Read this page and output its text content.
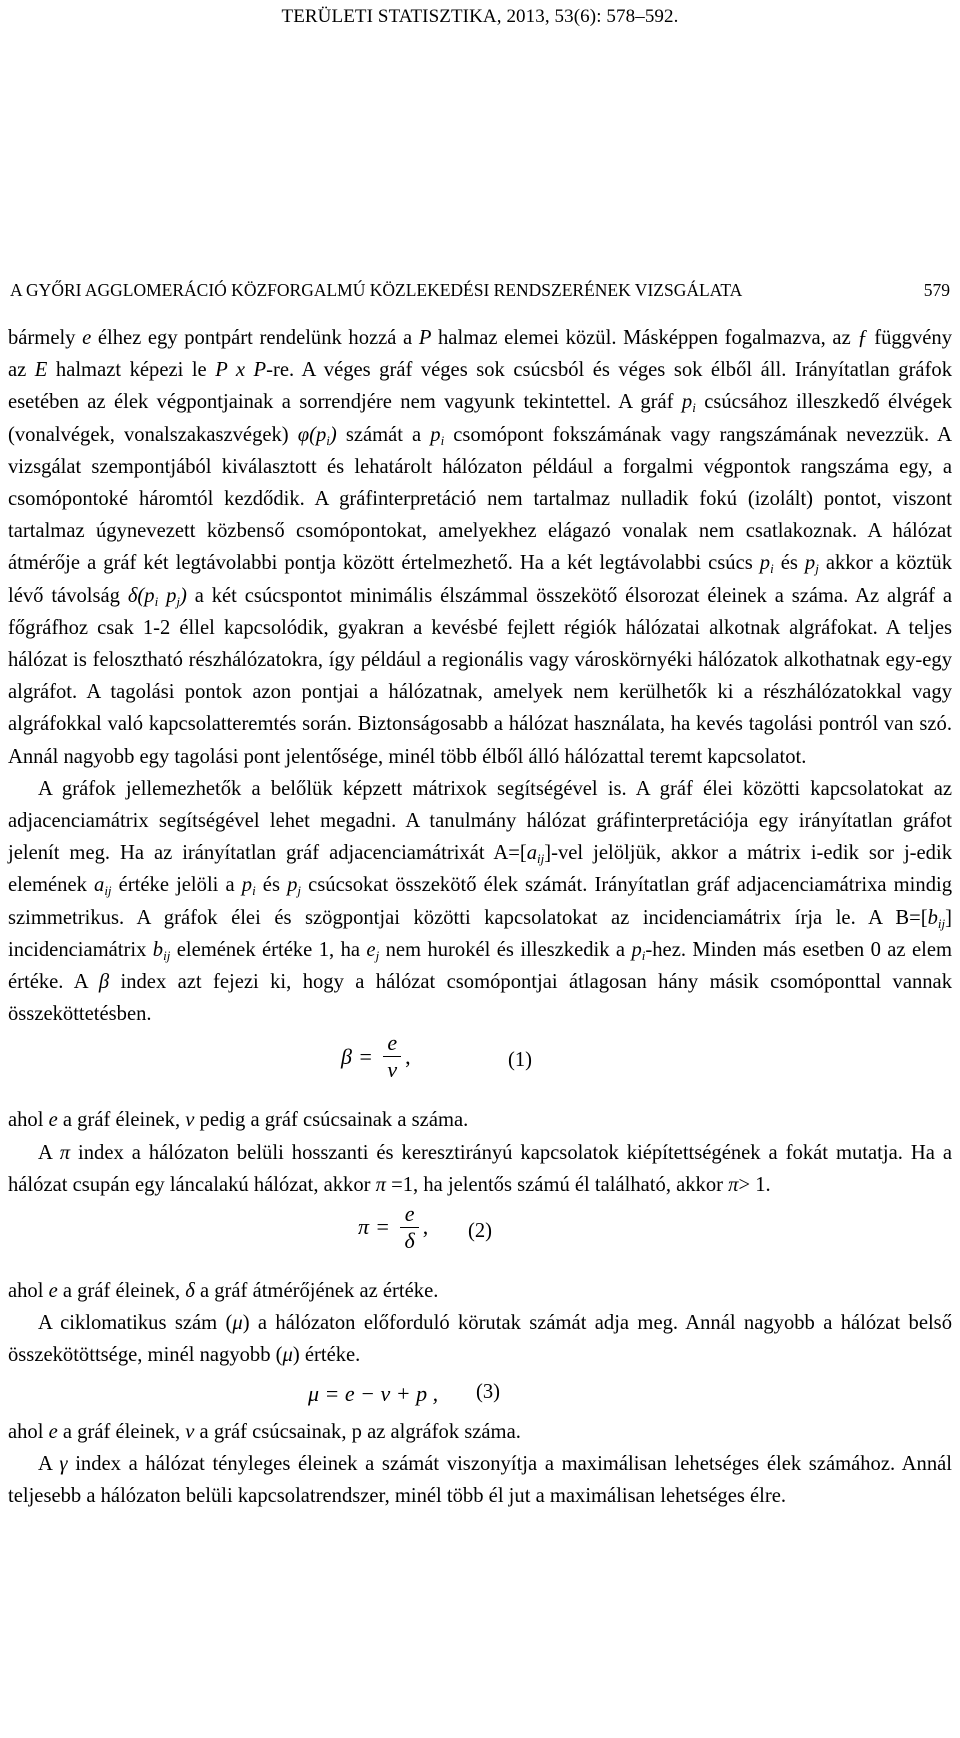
TERÜLETI STATISZTIKA, 2013, 53(6): 578–592.
A GYŐRI AGGLOMERÁCIÓ KÖZFORGALMÚ KÖZLEKEDÉSI RENDSZERÉNEK VIZSGÁLATA	579

bármely e élhez egy pontpárt rendelünk hozzá a P halmaz elemei közül. Másképpen fogalmazva, az ƒ függvény az E halmazt képezi le P x P-re. A véges gráf véges sok csúcsból és véges sok élből áll. Irányítatlan gráfok esetében az élek végpontjainak a sorrendjére nem vagyunk tekintettel. A gráf $p_i$ csúcsához illeszkedő élvégek (vonalvégek, vonalszakaszvégek) $\varphi(p_i)$ számát a $p_i$ csomópont fokszámának vagy rangszámának nevezzük. A vizsgálat szempontjából kiválasztott és lehatárolt hálózaton például a forgalmi végpontok rangszáma egy, a csomópontoké háromtól kezdődik. A gráfinterpretáció nem tartalmaz nulladik fokú (izolált) pontot, viszont tartalmaz úgynevezett közbenső csomópontokat, amelyekhez elágazó vonalak nem csatlakoznak. A hálózat átmérője a gráf két legtávolabbi pontja között értelmezhető. Ha a két legtávolabbi csúcs $p_i$ és $p_j$ akkor a köztük lévő távolság $\delta(p_i$ $p_j$) a két csúcspontot minimális élszámmal összekötő élsorozat éleinek a száma. Az algráf a főgráfhoz csak 1-2 éllel kapcsolódik, gyakran a kevésbé fejlett régiók hálózatai alkotnak algráfokat. A teljes hálózat is felosztható részhálózatokra, így például a regionális vagy városkörnyéki hálózatok alkothatnak egy-egy algráfot. A tagolási pontok azon pontjai a hálózatnak, amelyek nem kerülhetők ki a részhálózatokkal vagy algráfokkal való kapcsolatteremtés során. Biztonságosabb a hálózat használata, ha kevés tagolási pontról van szó. Annál nagyobb egy tagolási pont jelentősége, minél több élből álló hálózattal teremt kapcsolatot.

A gráfok jellemezhetők a belőlük képzett mátrixok segítségével is. A gráf élei közötti kapcsolatokat az adjacenciamátrix segítségével lehet megadni. A tanulmány hálózat gráfinterpretációja egy irányítatlan gráfot jelenít meg. Ha az irányítatlan gráf adjacenciamátrixát $A=[a_{ij}]$-vel jelöljük, akkor a mátrix i-edik sor j-edik elemének $a_{ij}$ értéke jelöli a $p_i$ és $p_j$ csúcsokat összekötő élek számát. Irányítatlan gráf adjacenciamátrixa mindig szimmetrikus. A gráfok élei és szögpontjai közötti kapcsolatokat az incidenciamátrix írja le. A $B=[b_{ij}]$ incidenciamátrix $b_{ij}$ elemének értéke 1, ha $e_j$ nem hurokél és illeszkedik a $p_i$-hez. Minden más esetben 0 az elem értéke. A β index azt fejezi ki, hogy a hálózat csomópontjai átlagosan hány másik csomóponttal vannak összeköttetésben.

$\beta = \frac{e}{v}$ ,	(1)

ahol e a gráf éleinek, v pedig a gráf csúcsainak a száma.

A π index a hálózaton belüli hosszanti és keresztirányú kapcsolatok kiépítettségének a fokát mutatja. Ha a hálózat csupán egy láncalakú hálózat, akkor π =1, ha jelentős számú él található, akkor π> 1.

$\pi = \frac{e}{\delta}$ , (2)

ahol e a gráf éleinek, δ a gráf átmérőjének az értéke.

A ciklomatikus szám (μ) a hálózaton előforduló körutak számát adja meg. Annál nagyobb a hálózat belső összekötöttsége, minél nagyobb (μ) értéke.

μ = e − v + p , (3)

ahol e a gráf éleinek, v a gráf csúcsainak, p az algráfok száma.

A γ index a hálózat tényleges éleinek a számát viszonyítja a maximálisan lehetséges élek számához. Annál teljesebb a hálózaton belüli kapcsolatrendszer, minél több él jut a maximálisan lehetséges élre.
